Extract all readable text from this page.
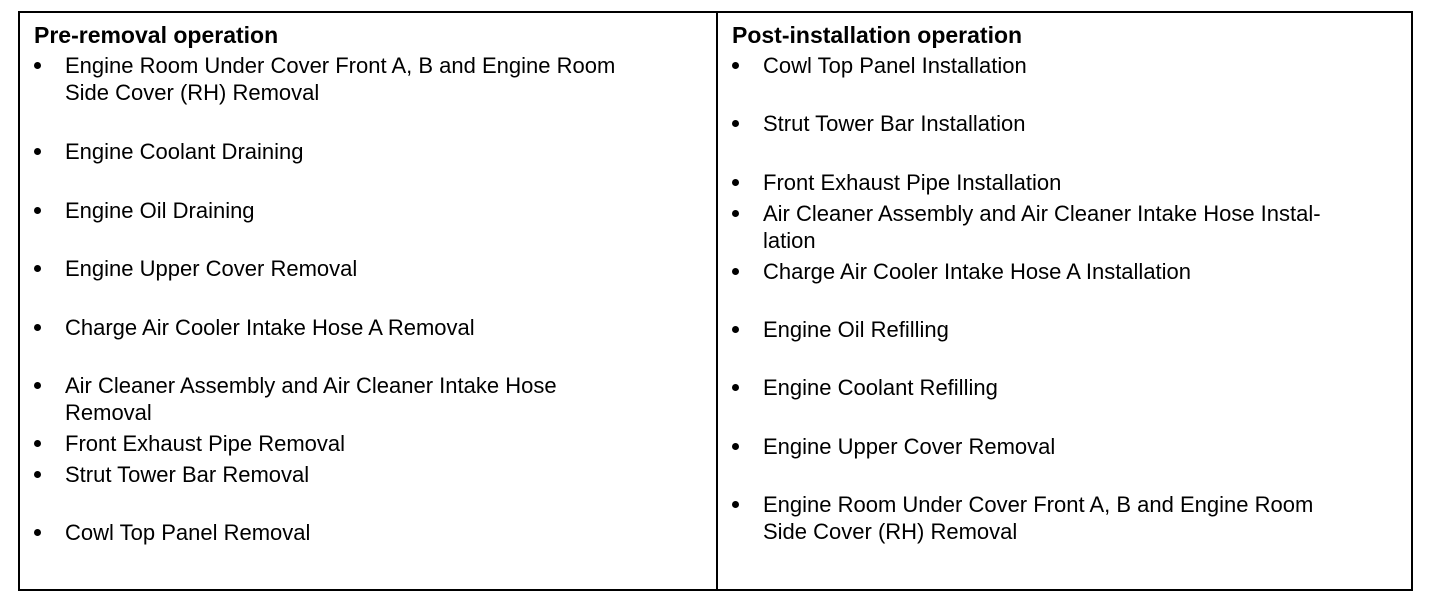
Pre-removal operation
Engine Room Under Cover Front A, B and Engine Room
Side Cover (RH) Removal
Engine Coolant Draining
Engine Oil Draining
Engine Upper Cover Removal
Charge Air Cooler Intake Hose A Removal
Air Cleaner Assembly and Air Cleaner Intake Hose
Removal
Front Exhaust Pipe Removal
Strut Tower Bar Removal
Cowl Top Panel Removal
Post-installation operation
Cowl Top Panel Installation
Strut Tower Bar Installation
Front Exhaust Pipe Installation
Air Cleaner Assembly and Air Cleaner Intake Hose Instal-
lation
Charge Air Cooler Intake Hose A Installation
Engine Oil Refilling
Engine Coolant Refilling
Engine Upper Cover Removal
Engine Room Under Cover Front A, B and Engine Room
Side Cover (RH) Removal
